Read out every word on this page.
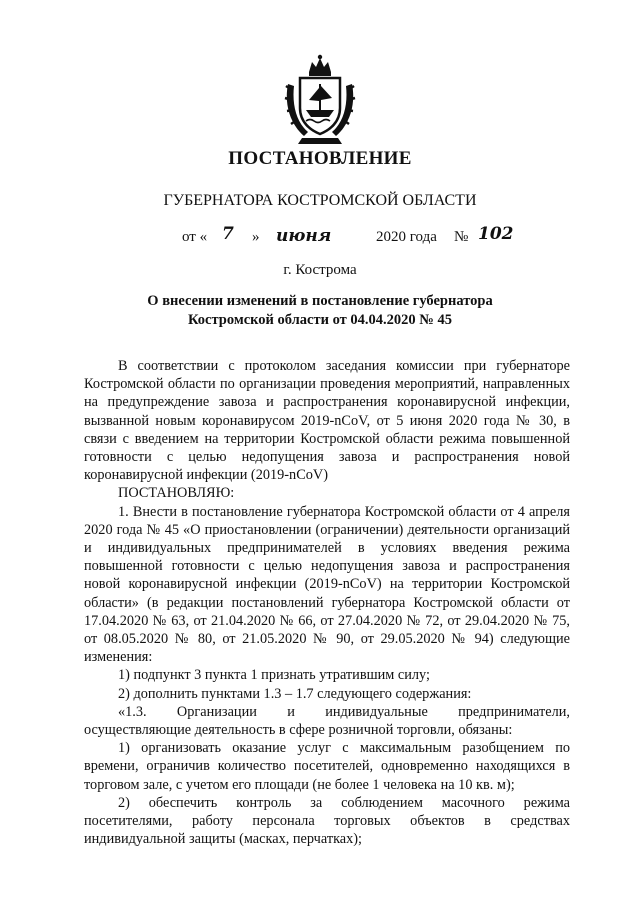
ПОСТАНОВЛЕНИЕ
ГУБЕРНАТОРА КОСТРОМСКОЙ ОБЛАСТИ
от « 7 » июня	2020 года № 102
г. Кострома
О внесении изменений в постановление губернатора
Костромской области от 04.04.2020 № 45

В соответствии с протоколом заседания комиссии при губернаторе Костромской области по организации проведения мероприятий, направленных на предупреждение завоза и распространения коронавирусной инфекции, вызванной новым коронавирусом 2019-nCoV, от 5 июня 2020 года № 30, в связи с введением на территории Костромской области режима повышенной готовности с целью недопущения завоза и распространения новой коронавирусной инфекции (2019-nCoV)

ПОСТАНОВЛЯЮ:

1. Внести в постановление губернатора Костромской области от 4 апреля 2020 года № 45 «О приостановлении (ограничении) деятельности организаций и индивидуальных предпринимателей в условиях введения режима повышенной готовности с целью недопущения завоза и распространения новой коронавирусной инфекции (2019-nCoV) на территории Костромской области» (в редакции постановлений губернатора Костромской области от 17.04.2020 № 63, от 21.04.2020 № 66, от 27.04.2020 № 72, от 29.04.2020 № 75, от 08.05.2020 № 80, от 21.05.2020 № 90, от 29.05.2020 № 94) следующие изменения:

1) подпункт 3 пункта 1 признать утратившим силу;

2) дополнить пунктами 1.3 – 1.7 следующего содержания:

«1.3. Организации и индивидуальные предприниматели, осуществляющие деятельность в сфере розничной торговли, обязаны:

1) организовать оказание услуг с максимальным разобщением по времени, ограничив количество посетителей, одновременно находящихся в торговом зале, с учетом его площади (не более 1 человека на 10 кв. м);

2) обеспечить контроль за соблюдением масочного режима посетителями, работу персонала торговых объектов в средствах индивидуальной защиты (масках, перчатках);
